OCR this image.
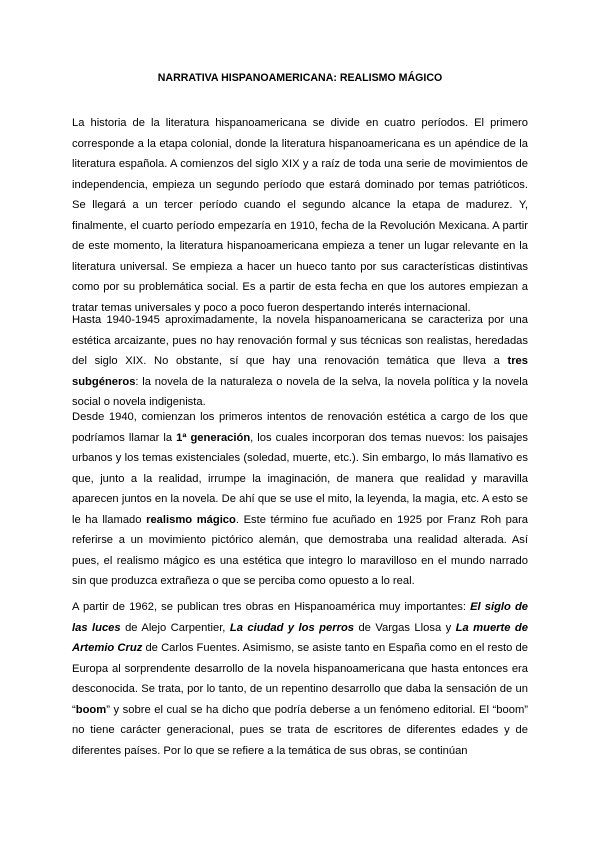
NARRATIVA HISPANOAMERICANA: REALISMO MÁGICO

La historia de la literatura hispanoamericana se divide en cuatro períodos. El primero corresponde a la etapa colonial, donde la literatura hispanoamericana es un apéndice de la literatura española. A comienzos del siglo XIX y a raíz de toda una serie de movimientos de independencia, empieza un segundo período que estará dominado por temas patrióticos. Se llegará a un tercer período cuando el segundo alcance la etapa de madurez. Y, finalmente, el cuarto período empezaría en 1910, fecha de la Revolución Mexicana. A partir de este momento, la literatura hispanoamericana empieza a tener un lugar relevante en la literatura universal. Se empieza a hacer un hueco tanto por sus características distintivas como por su problemática social. Es a partir de esta fecha en que los autores empiezan a tratar temas universales y poco a poco fueron despertando interés internacional.

Hasta 1940-1945 aproximadamente, la novela hispanoamericana se caracteriza por una estética arcaizante, pues no hay renovación formal y sus técnicas son realistas, heredadas del siglo XIX. No obstante, sí que hay una renovación temática que lleva a tres subgéneros: la novela de la naturaleza o novela de la selva, la novela política y la novela social o novela indigenista.

Desde 1940, comienzan los primeros intentos de renovación estética a cargo de los que podríamos llamar la 1ª generación, los cuales incorporan dos temas nuevos: los paisajes urbanos y los temas existenciales (soledad, muerte, etc.). Sin embargo, lo más llamativo es que, junto a la realidad, irrumpe la imaginación, de manera que realidad y maravilla aparecen juntos en la novela. De ahí que se use el mito, la leyenda, la magia, etc. A esto se le ha llamado realismo mágico. Este término fue acuñado en 1925 por Franz Roh para referirse a un movimiento pictórico alemán, que demostraba una realidad alterada. Así pues, el realismo mágico es una estética que integro lo maravilloso en el mundo narrado sin que produzca extrañeza o que se perciba como opuesto a lo real.

A partir de 1962, se publican tres obras en Hispanoamérica muy importantes: El siglo de las luces de Alejo Carpentier, La ciudad y los perros de Vargas Llosa y La muerte de Artemio Cruz de Carlos Fuentes. Asimismo, se asiste tanto en España como en el resto de Europa al sorprendente desarrollo de la novela hispanoamericana que hasta entonces era desconocida. Se trata, por lo tanto, de un repentino desarrollo que daba la sensación de un “boom” y sobre el cual se ha dicho que podría deberse a un fenómeno editorial. El “boom” no tiene carácter generacional, pues se trata de escritores de diferentes edades y de diferentes países. Por lo que se refiere a la temática de sus obras, se continúan
